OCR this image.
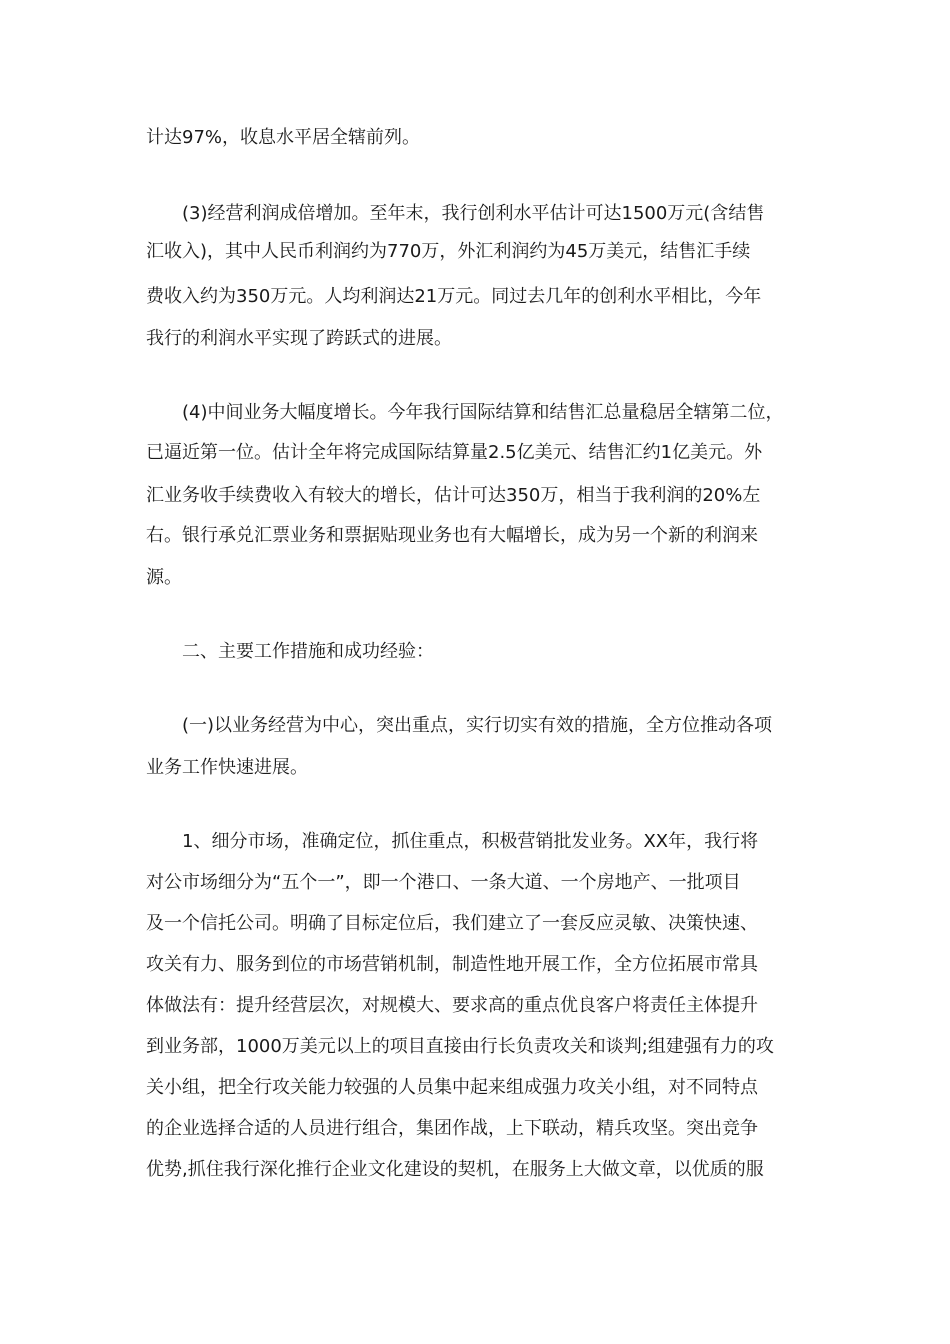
计达97%，收息水平居全辖前列。

(3)经营利润成倍增加。至年末，我行创利水平估计可达1500万元(含结售

汇收入)，其中人民币利润约为770万，外汇利润约为45万美元，结售汇手续

费收入约为350万元。人均利润达21万元。同过去几年的创利水平相比，今年

我行的利润水平实现了跨跃式的进展。

(4)中间业务大幅度增长。今年我行国际结算和结售汇总量稳居全辖第二位，

已逼近第一位。估计全年将完成国际结算量2.5亿美元、结售汇约1亿美元。外

汇业务收手续费收入有较大的增长，估计可达350万，相当于我利润的20%左

右。银行承兑汇票业务和票据贴现业务也有大幅增长，成为另一个新的利润来

源。

二、主要工作措施和成功经验：

(一)以业务经营为中心，突出重点，实行切实有效的措施，全方位推动各项

业务工作快速进展。

1、细分市场，准确定位，抓住重点，积极营销批发业务。XX年，我行将

对公市场细分为“五个一”，即一个港口、一条大道、一个房地产、一批项目

及一个信托公司。明确了目标定位后，我们建立了一套反应灵敏、决策快速、

攻关有力、服务到位的市场营销机制，制造性地开展工作，全方位拓展市常具

体做法有：提升经营层次，对规模大、要求高的重点优良客户将责任主体提升

到业务部，1000万美元以上的项目直接由行长负责攻关和谈判;组建强有力的攻

关小组，把全行攻关能力较强的人员集中起来组成强力攻关小组，对不同特点

的企业选择合适的人员进行组合，集团作战，上下联动，精兵攻坚。突出竞争

优势,抓住我行深化推行企业文化建设的契机，在服务上大做文章，以优质的服
